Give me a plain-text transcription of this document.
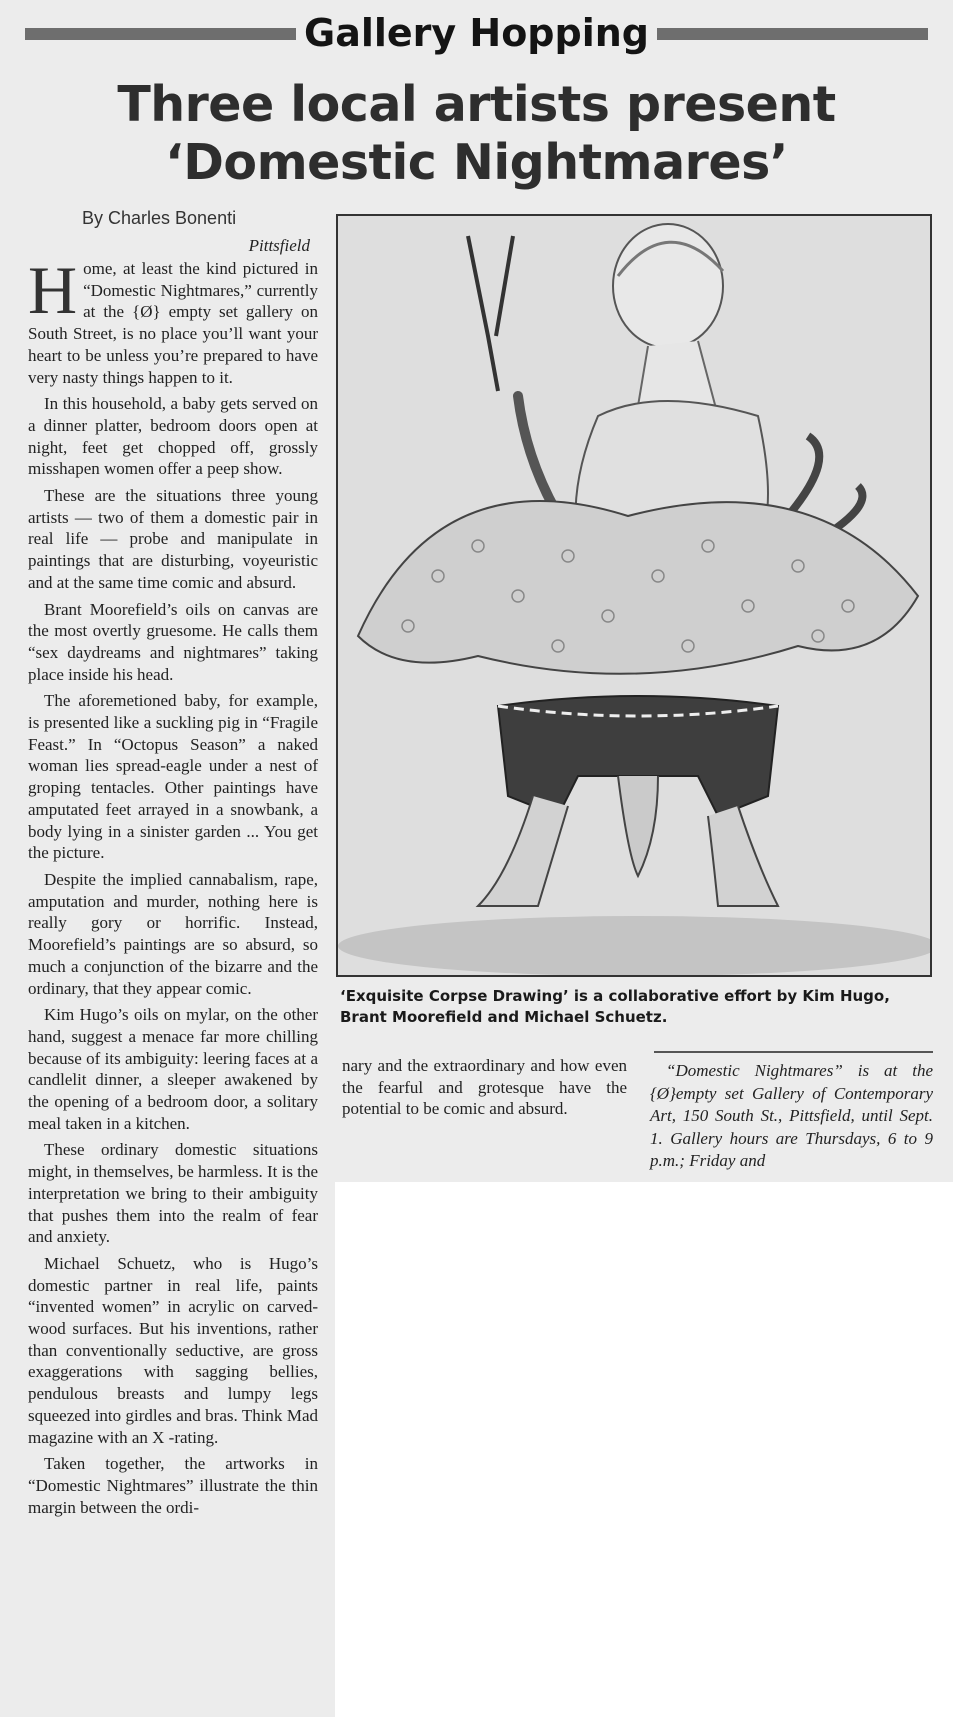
Gallery Hopping
Three local artists present
‘Domestic Nightmares’
By Charles Bonenti
Pittsfield

Home, at least the kind pictured in “Domestic Nightmares,” currently at the {Ø} empty set gallery on South Street, is no place you’ll want your heart to be unless you’re prepared to have very nasty things happen to it.

In this household, a baby gets served on a dinner platter, bedroom doors open at night, feet get chopped off, grossly misshapen women offer a peep show.

These are the situations three young artists — two of them a domestic pair in real life — probe and manipulate in paintings that are disturbing, voyeuristic and at the same time comic and absurd.

Brant Moorefield’s oils on canvas are the most overtly gruesome. He calls them “sex daydreams and nightmares” taking place inside his head.

The aforemetioned baby, for example, is presented like a suckling pig in “Fragile Feast.” In “Octopus Season” a naked woman lies spread-eagle under a nest of groping tentacles. Other paintings have amputated feet arrayed in a snowbank, a body lying in a sinister garden ... You get the picture.

Despite the implied cannabalism, rape, amputation and murder, nothing here is really gory or horrific. Instead, Moorefield’s paintings are so absurd, so much a conjunction of the bizarre and the ordinary, that they appear comic.

Kim Hugo’s oils on mylar, on the other hand, suggest a menace far more chilling because of its ambiguity: leering faces at a candlelit dinner, a sleeper awakened by the opening of a bedroom door, a solitary meal taken in a kitchen.

These ordinary domestic situations might, in themselves, be harmless. It is the interpretation we bring to their ambiguity that pushes them into the realm of fear and anxiety.

Michael Schuetz, who is Hugo’s domestic partner in real life, paints “invented women” in acrylic on carved-wood surfaces. But his inventions, rather than conventionally seductive, are gross exaggerations with sagging bellies, pendulous breasts and lumpy legs squeezed into girdles and bras. Think Mad magazine with an X -rating.

Taken together, the artworks in “Domestic Nightmares” illustrate the thin margin between the ordi-

‘Exquisite Corpse Drawing’ is a collaborative effort by Kim Hugo, Brant Moorefield and Michael Schuetz.

nary and the extraordinary and how even the fearful and grotesque have the potential to be comic and absurd.

“Domestic Nightmares” is at the {Ø}empty set Gallery of Contemporary Art, 150 South St., Pittsfield, until Sept. 1. Gallery hours are Thursdays, 6 to 9 p.m.; Friday and
